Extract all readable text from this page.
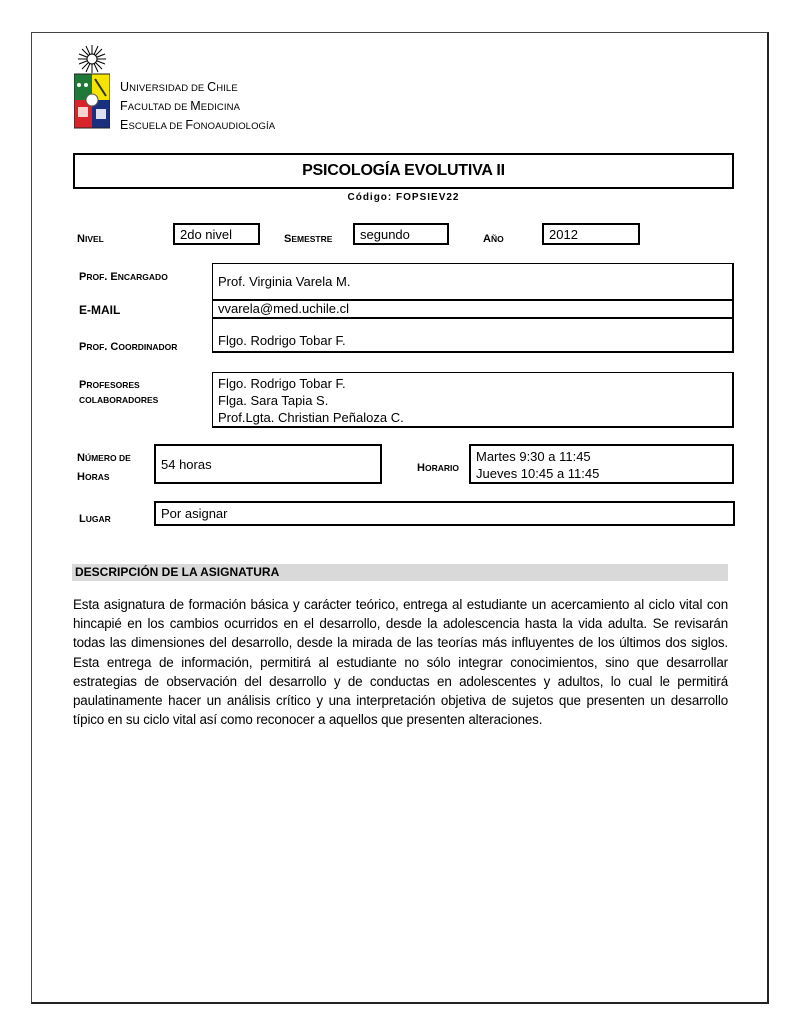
UNIVERSIDAD DE CHILE
FACULTAD DE MEDICINA
ESCUELA DE FONOAUDIOLOGÍA
PSICOLOGÍA EVOLUTIVA II
Código: FOPSIEV22
NIVEL	2do nivel	SEMESTRE segundo	AÑO	2012
PROF. ENCARGADO	Prof. Virginia Varela M.
E-MAIL	vvarela@med.uchile.cl
PROF. COORDINADOR	Flgo. Rodrigo Tobar F.
PROFESORES
COLABORADORES
Flgo. Rodrigo Tobar F.
Flga. Sara Tapia S.
Prof.Lgta. Christian Peñaloza C.
NÚMERO DE
HORAS
54 horas	HORARIO
Martes 9:30 a 11:45
Jueves 10:45 a 11:45
LUGAR	Por asignar
DESCRIPCIÓN DE LA ASIGNATURA
Esta asignatura de formación básica y carácter teórico, entrega al estudiante un acercamiento al ciclo vital con hincapié en los cambios ocurridos en el desarrollo, desde la adolescencia hasta la vida adulta. Se revisarán todas las dimensiones del desarrollo, desde la mirada de las teorías más influyentes de los últimos dos siglos. Esta entrega de información, permitirá al estudiante no sólo integrar conocimientos, sino que desarrollar estrategias de observación del desarrollo y de conductas en adolescentes y adultos, lo cual le permitirá paulatinamente hacer un análisis crítico y una interpretación objetiva de sujetos que presenten un desarrollo típico en su ciclo vital así como reconocer a aquellos que presenten alteraciones.
